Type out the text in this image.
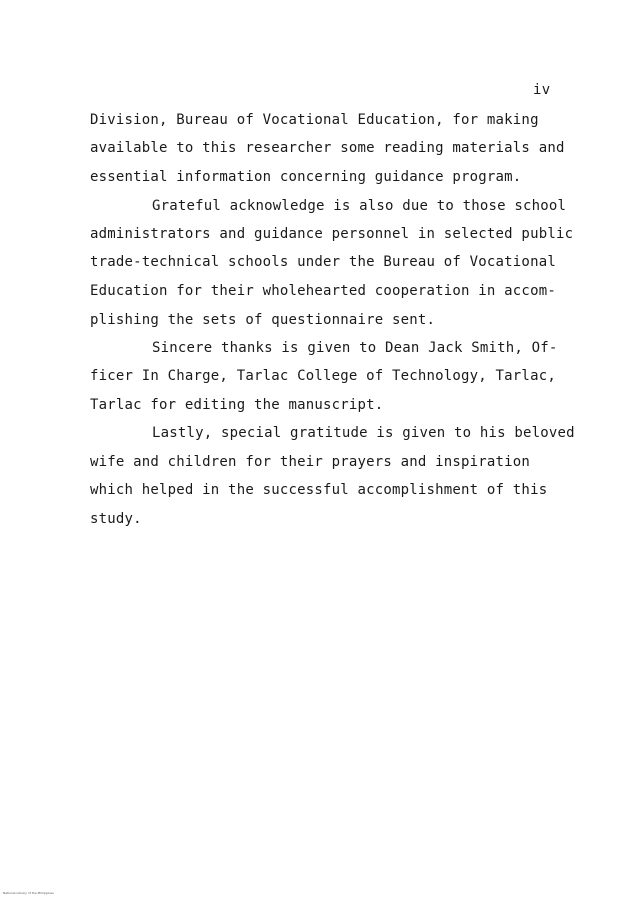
iv
Division, Bureau of Vocational Education, for making
available to this researcher some reading materials and
essential information concerning guidance program.
Grateful acknowledge is also due to those school
administrators and guidance personnel in selected public
trade-technical schools under the Bureau of Vocational
Education for their wholehearted cooperation in accom-
plishing the sets of questionnaire sent.
Sincere thanks is given to Dean Jack Smith, Of-
ficer In Charge, Tarlac College of Technology, Tarlac,
Tarlac for editing the manuscript.
Lastly, special gratitude is given to his beloved
wife and children for their prayers and inspiration
which helped in the successful accomplishment of this
study.
National Library of the Philippines
